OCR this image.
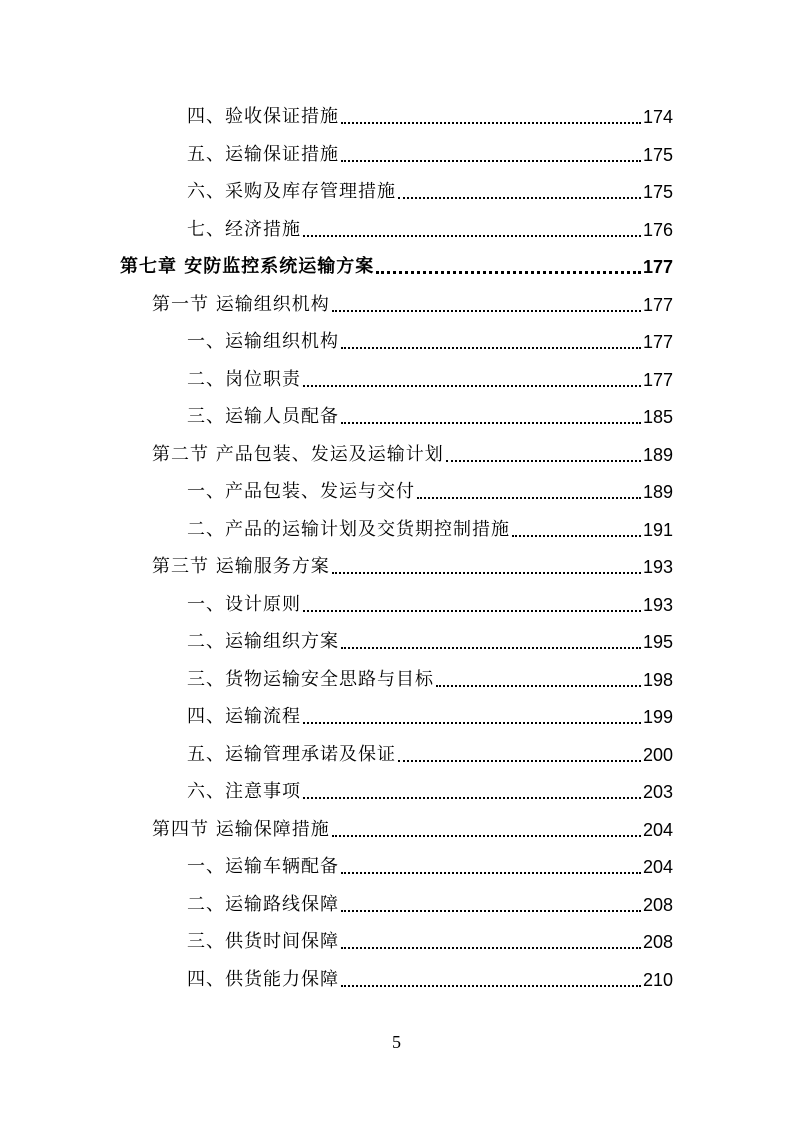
四、验收保证措施	174
五、运输保证措施	175
六、采购及库存管理措施	175
七、经济措施	176
第七章 安防监控系统运输方案	177
第一节 运输组织机构	177
一、运输组织机构	177
二、岗位职责	177
三、运输人员配备	185
第二节 产品包装、发运及运输计划	189
一、产品包装、发运与交付	189
二、产品的运输计划及交货期控制措施	191
第三节 运输服务方案	193
一、设计原则	193
二、运输组织方案	195
三、货物运输安全思路与目标	198
四、运输流程	199
五、运输管理承诺及保证	200
六、注意事项	203
第四节 运输保障措施	204
一、运输车辆配备	204
二、运输路线保障	208
三、供货时间保障	208
四、供货能力保障	210
5
